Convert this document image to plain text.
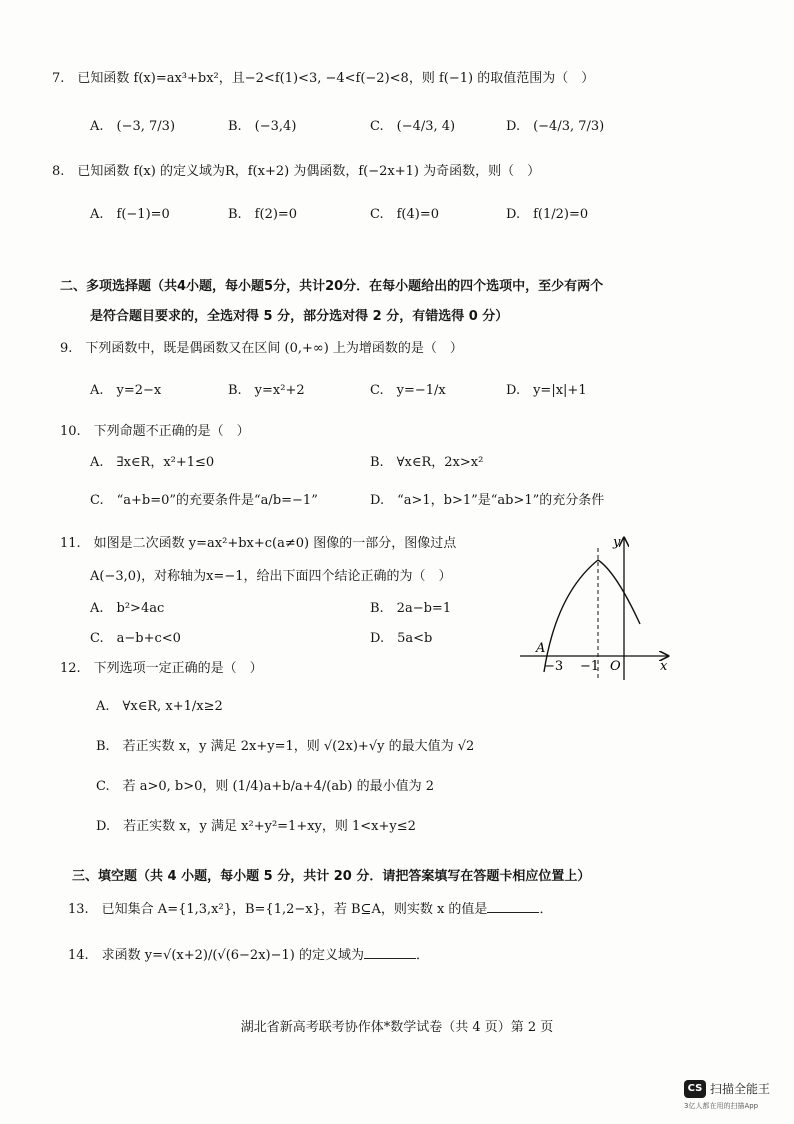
7.　已知函数 f(x)=ax³+bx²，且−2<f(1)<3, −4<f(−2)<8，则 f(−1) 的取值范围为（　）
A.　(−3, 7/3)	B.　(−3,4)	C.　(−4/3, 4)	D.　(−4/3, 7/3)
8.　已知函数 f(x) 的定义域为R，f(x+2) 为偶函数，f(−2x+1) 为奇函数，则（　）
A.　f(−1)=0	B.　f(2)=0	C.　f(4)=0	D.　f(1/2)=0
二、多项选择题（共4小题，每小题5分，共计20分．在每小题给出的四个选项中，至少有两个
是符合题目要求的，全选对得 5 分，部分选对得 2 分，有错选得 0 分）
9.　下列函数中，既是偶函数又在区间 (0,+∞) 上为增函数的是（　）
A.　y=2−x	B.　y=x²+2	C.　y=−1/x	D.　y=|x|+1
10.　下列命题不正确的是（　）
A.　∃x∈R，x²+1≤0	B.　∀x∈R，2x>x²
C.　“a+b=0”的充要条件是“a/b=−1”	D.　“a>1，b>1”是“ab>1”的充分条件
11.　如图是二次函数 y=ax²+bx+c(a≠0) 图像的一部分，图像过点
A(−3,0)，对称轴为x=−1，给出下面四个结论正确的为（　）
A.　b²>4ac	B.　2a−b=1
C.　a−b+c<0	D.　5a<b
y
x
A
−3 −1 O
12.　下列选项一定正确的是（　）
A.　∀x∈R, x+1/x≥2
B.　若正实数 x，y 满足 2x+y=1，则 √(2x)+√y 的最大值为 √2
C.　若 a>0, b>0，则 (1/4)a+b/a+4/(ab) 的最小值为 2
D.　若正实数 x，y 满足 x²+y²=1+xy，则 1<x+y≤2
三、填空题（共 4 小题，每小题 5 分，共计 20 分．请把答案填写在答题卡相应位置上）
13.　已知集合 A={1,3,x²}，B={1,2−x}，若 B⊆A，则实数 x 的值是	．
14.　求函数 y=√(x+2)/(√(6−2x)−1) 的定义域为	．
湖北省新高考联考协作体*数学试卷（共 4 页）第 2 页
CS 扫描全能王
3亿人都在用的扫描App
